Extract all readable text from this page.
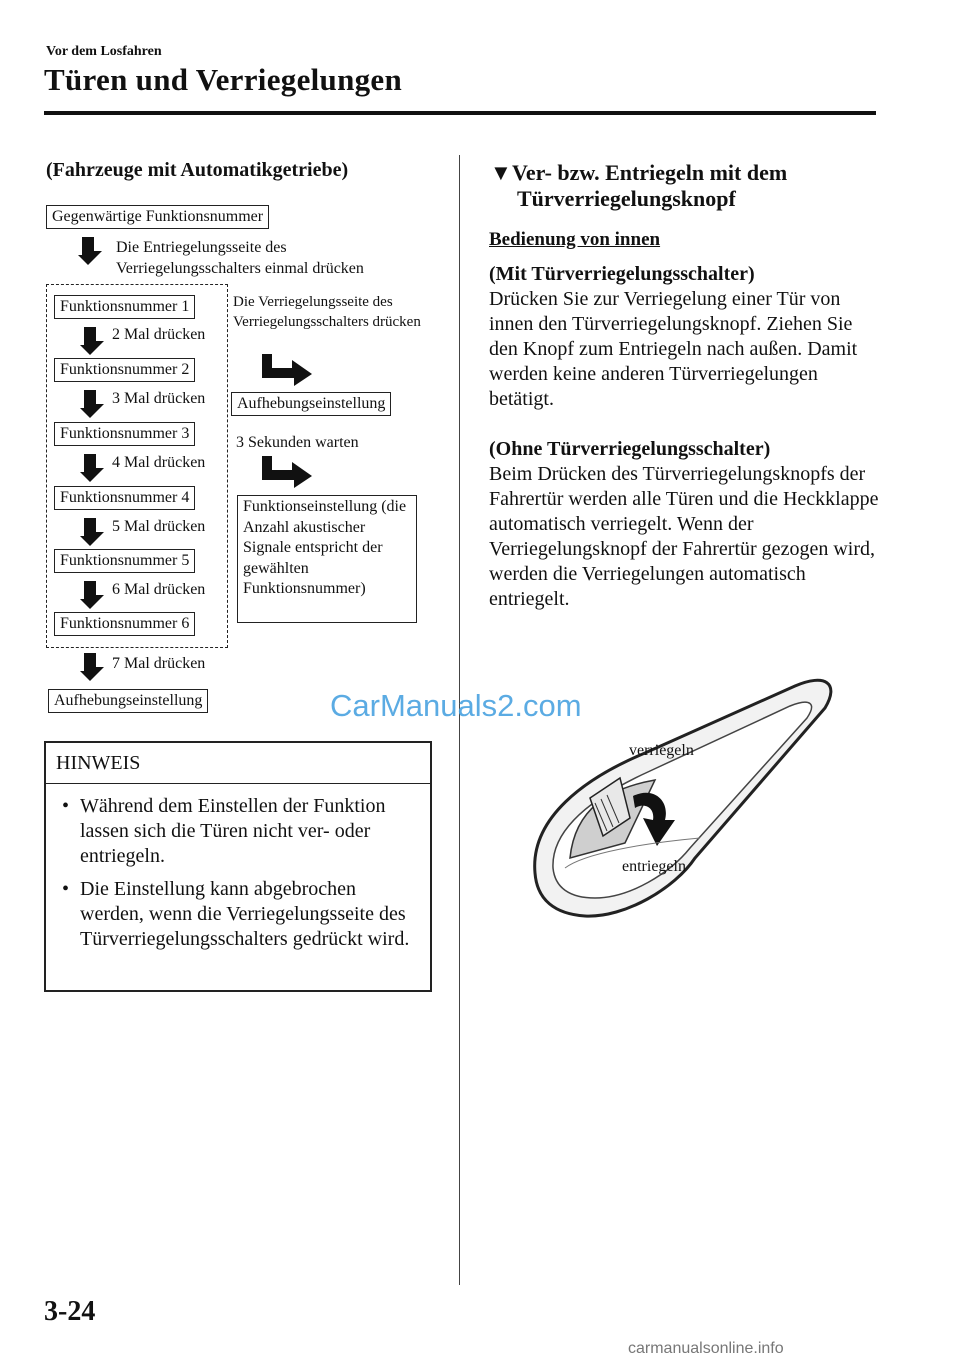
Vor dem Losfahren
Türen und Verriegelungen
(Fahrzeuge mit Automatikgetriebe)
Gegenwärtige Funktionsnummer
Die Entriegelungsseite des Verriegelungsschalters einmal drücken
Funktionsnummer 1
2 Mal drücken
Funktionsnummer 2
3 Mal drücken
Funktionsnummer 3
4 Mal drücken
Funktionsnummer 4
5 Mal drücken
Funktionsnummer 5
6 Mal drücken
Funktionsnummer 6
7 Mal drücken
Aufhebungseinstellung
Die Verriegelungsseite des Verriegelungsschalters drücken
Aufhebungseinstellung
3 Sekunden warten
Funktionseinstellung (die Anzahl akustischer Signale entspricht der gewählten Funktionsnummer)
HINWEIS
• Während dem Einstellen der Funktion lassen sich die Türen nicht ver- oder entriegeln.
• Die Einstellung kann abgebrochen werden, wenn die Verriegelungsseite des Türverriegelungsschalters gedrückt wird.
▼Ver- bzw. Entriegeln mit dem
Türverriegelungsknopf
Bedienung von innen
(Mit Türverriegelungsschalter)
Drücken Sie zur Verriegelung einer Tür von innen den Türverriegelungsknopf. Ziehen Sie den Knopf zum Entriegeln nach außen. Damit werden keine anderen Türverriegelungen betätigt.
(Ohne Türverriegelungsschalter)
Beim Drücken des Türverriegelungsknopfs der Fahrertür werden alle Türen und die Heckklappe automatisch verriegelt. Wenn der Verriegelungsknopf der Fahrertür gezogen wird, werden die Verriegelungen automatisch entriegelt.
verriegeln
entriegeln
CarManuals2.com
3-24
carmanualsonline.info
